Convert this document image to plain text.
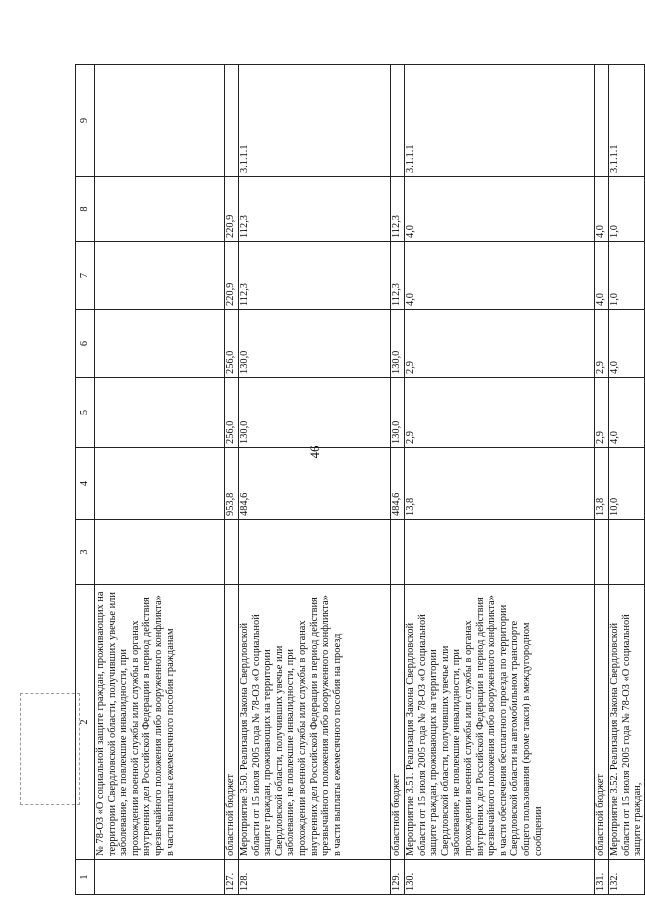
46
1	2	3	4	5	6	7	8	9
	№ 78-ОЗ «О социальной защите граждан, проживающих на территории Свердловской области, получивших увечье или заболевание, не повлекшие инвалидности, при прохождении военной службы или службы в органах внутренних дел Российской Федерации в период действия чрезвычайного положения либо вооруженного конфликта» в части выплаты ежемесячного пособия гражданам							
127.	областной бюджет		953,8	256,0	256,0	220,9	220,9	
128.	Мероприятие 3.50. Реализация Закона Свердловской области от 15 июля 2005 года № 78-ОЗ «О социальной защите граждан, проживающих на территории Свердловской области, получивших увечье или заболевание, не повлекшие инвалидности, при прохождении военной службы или службы в органах внутренних дел Российской Федерации в период действия чрезвычайного положения либо вооруженного конфликта» в части выплаты ежемесячного пособия на проезд		484,6	130,0	130,0	112,3	112,3	3.1.1.1
129.	областной бюджет		484,6	130,0	130,0	112,3	112,3	
130.	Мероприятие 3.51. Реализация Закона Свердловской области от 15 июля 2005 года № 78-ОЗ «О социальной защите граждан, проживающих на территории Свердловской области, получивших увечье или заболевание, не повлекшие инвалидности, при прохождении военной службы или службы в органах внутренних дел Российской Федерации в период действия чрезвычайного положения либо вооруженного конфликта» в части обеспечения бесплатного проезда по территории Свердловской области на автомобильном транспорте общего пользования (кроме такси) в междугородном сообщении		13,8	2,9	2,9	4,0	4,0	3.1.1.1
131.	областной бюджет		13,8	2,9	2,9	4,0	4,0	
132.	Мероприятие 3.52. Реализация Закона Свердловской области от 15 июля 2005 года № 78-ОЗ «О социальной защите граждан,		10,0	4,0	4,0	1,0	1,0	3.1.1.1
